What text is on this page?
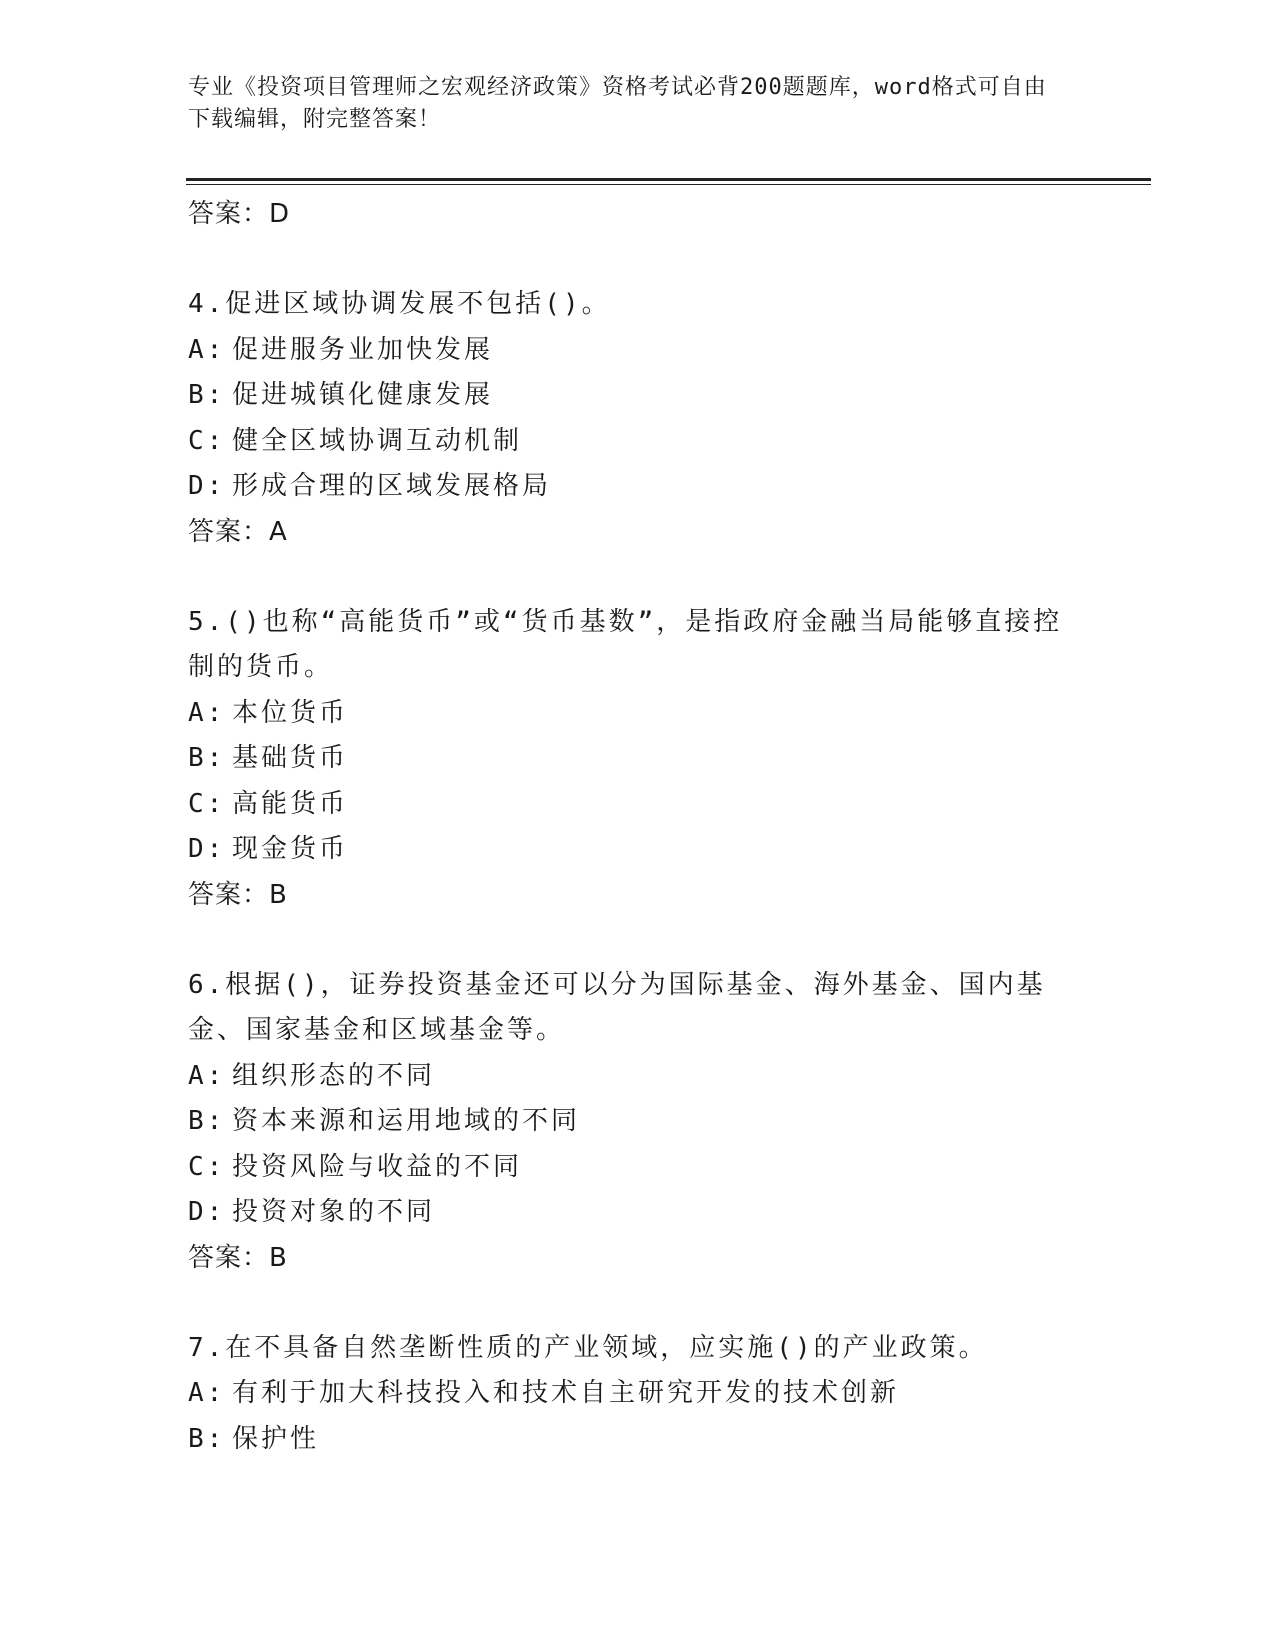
专业《投资项目管理师之宏观经济政策》资格考试必背200题题库，word格式可自由下载编辑，附完整答案！
答案：D
4.促进区域协调发展不包括()。
A: 促进服务业加快发展
B: 促进城镇化健康发展
C: 健全区域协调互动机制
D: 形成合理的区域发展格局
答案：A
5.()也称“高能货币”或“货币基数”，是指政府金融当局能够直接控制的货币。
A: 本位货币
B: 基础货币
C: 高能货币
D: 现金货币
答案：B
6.根据()，证券投资基金还可以分为国际基金、海外基金、国内基金、国家基金和区域基金等。
A: 组织形态的不同
B: 资本来源和运用地域的不同
C: 投资风险与收益的不同
D: 投资对象的不同
答案：B
7.在不具备自然垄断性质的产业领域，应实施()的产业政策。
A: 有利于加大科技投入和技术自主研究开发的技术创新
B: 保护性
